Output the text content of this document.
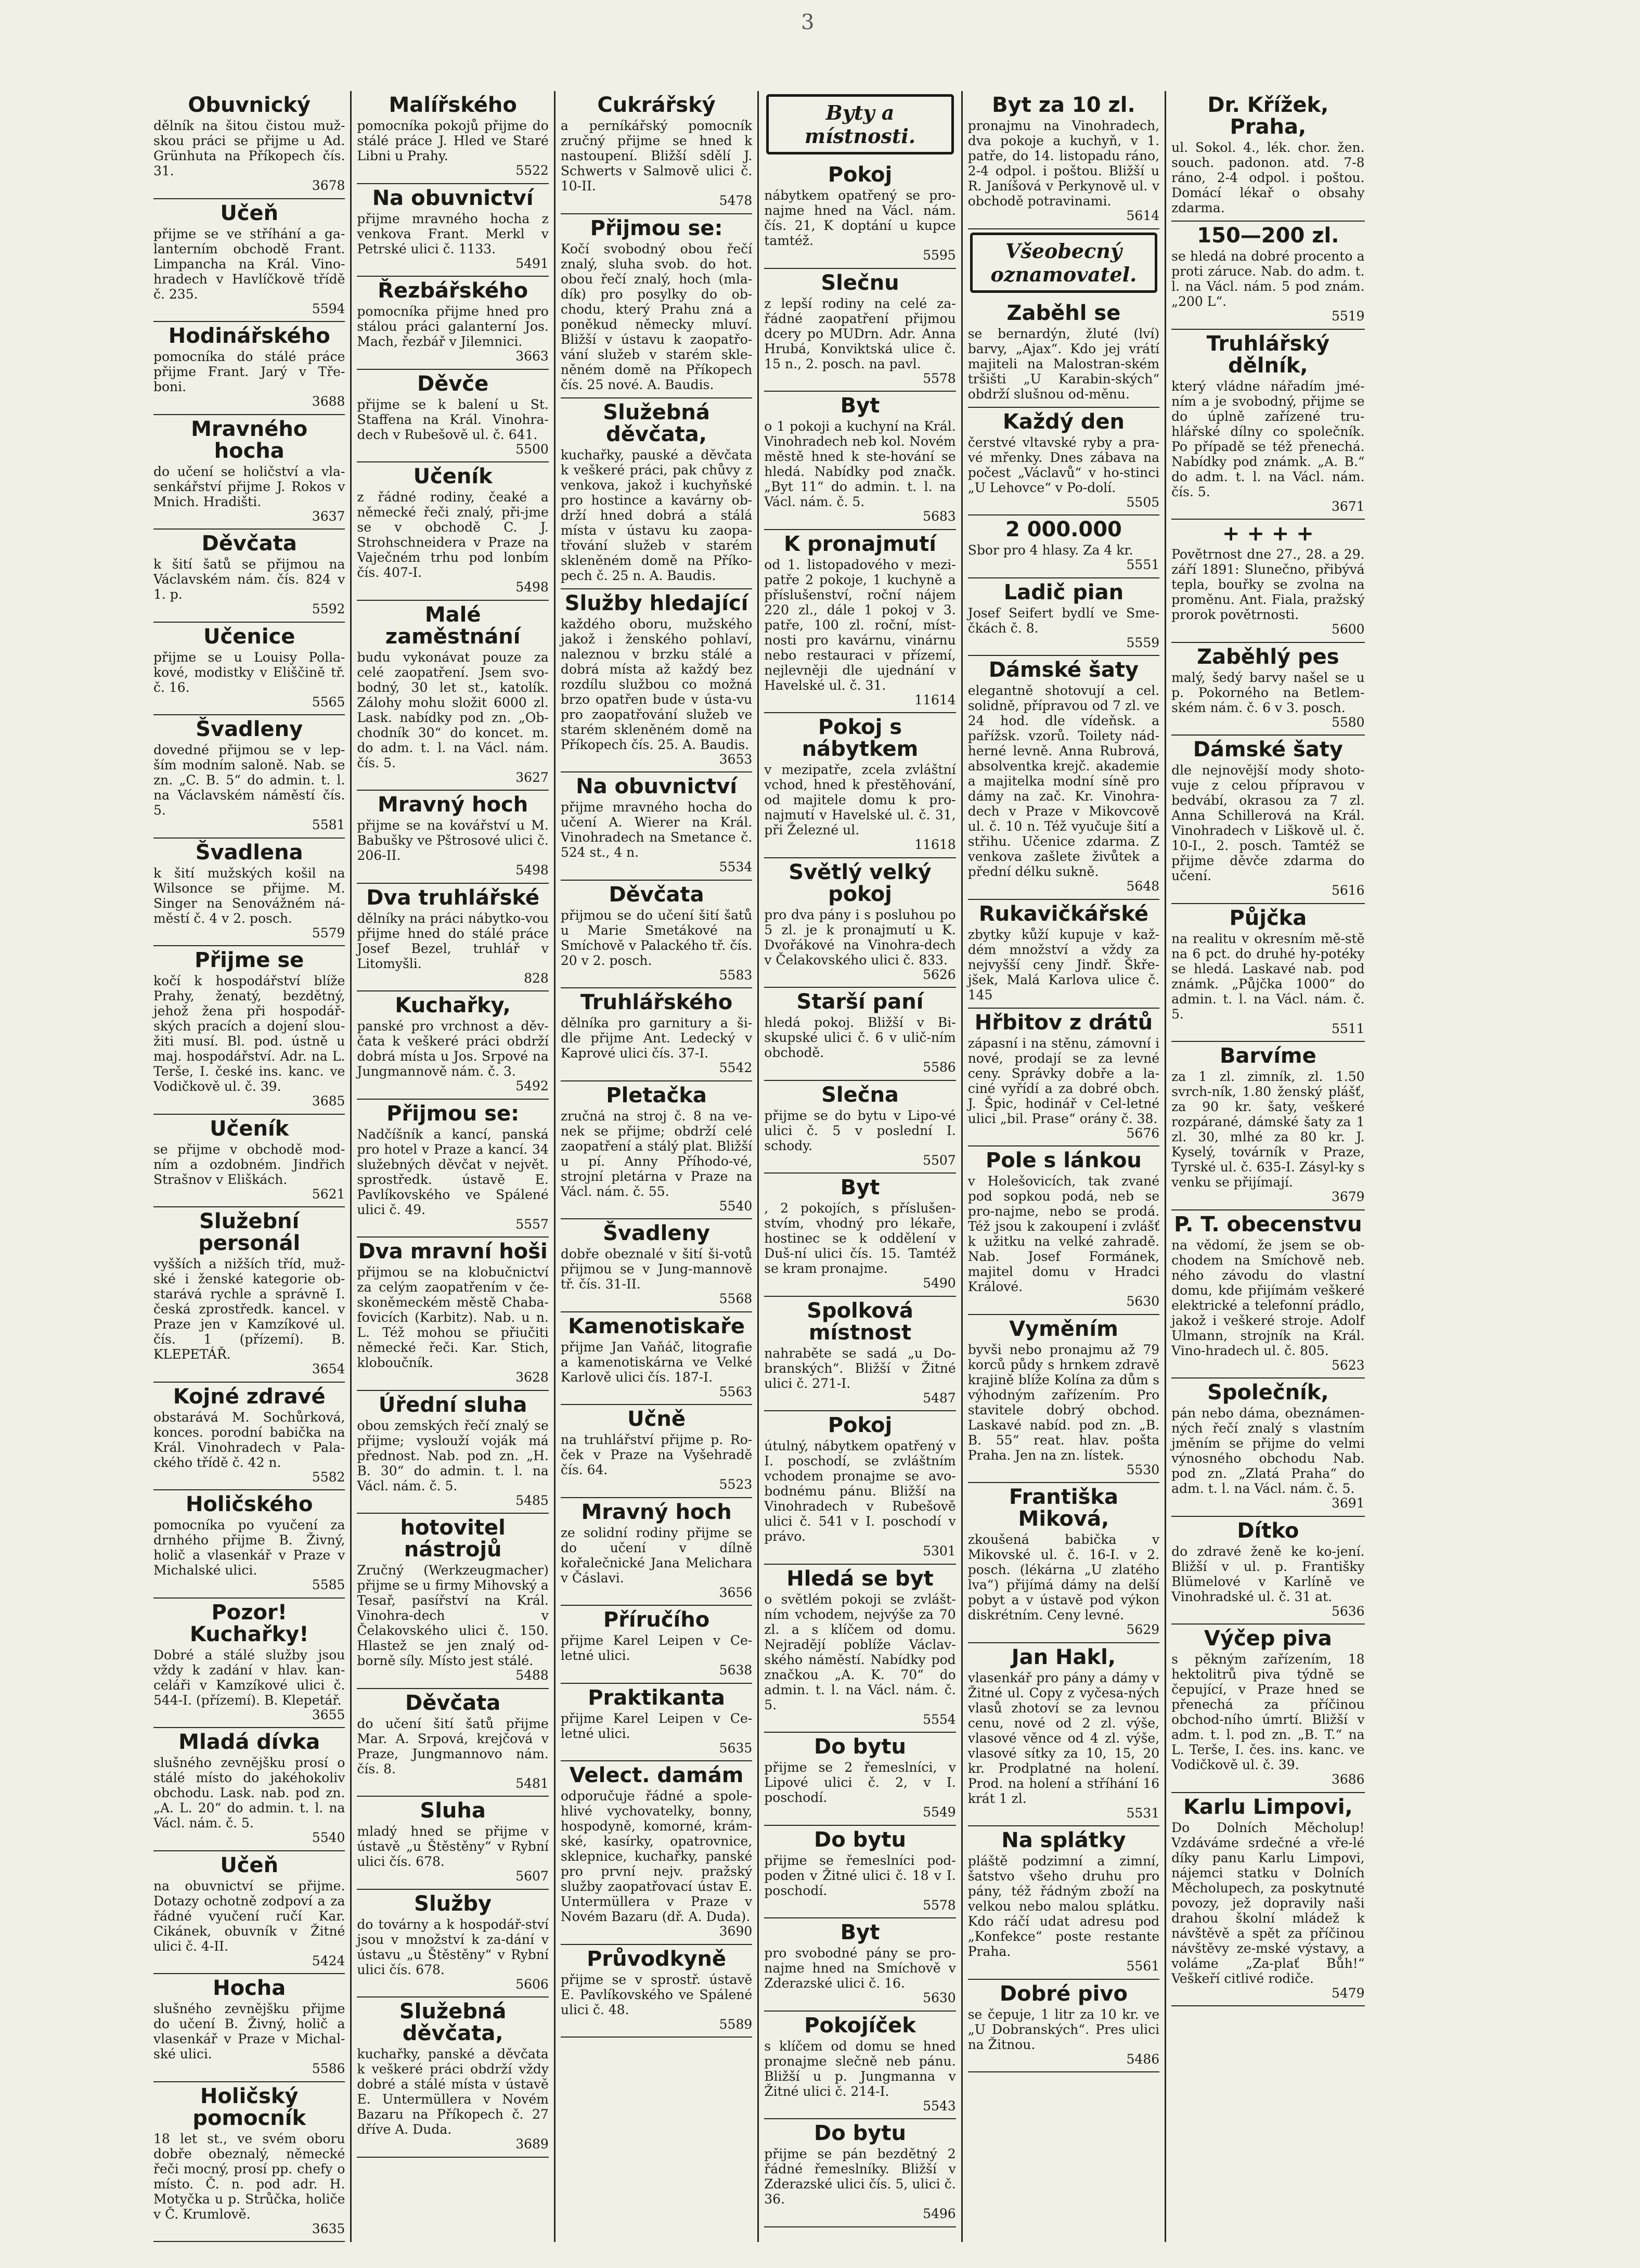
3

Obuvnický

dělník na šitou čistou muž-skou práci se přijme u Ad. Grünhuta na Příkopech čís. 31.

3678

Učeň

přijme se ve stříhání a ga-lanterním obchodě Frant. Limpancha na Král. Vino-hradech v Havlíčkově třídě č. 235.

5594

Hodinářského

pomocníka do stálé práce přijme Frant. Jarý v Tře-boni.

3688

Mravného hocha

do učení se holičství a vla-senkářství přijme J. Rokos v Mnich. Hradišti.

3637

Děvčata

k šití šatů se přijmou na Václavském nám. čís. 824 v 1. p.

5592

Učenice

přijme se u Louisy Polla-kové, modistky v Eliščině tř. č. 16.

5565

Švadleny

dovedné přijmou se v lep-ším modním saloně. Nab. se zn. „C. B. 5“ do admin. t. l. na Václavském náměstí čís. 5.

5581

Švadlena

k šití mužských košil na Wilsonce se přijme. M. Singer na Senovážném ná-městí č. 4 v 2. posch.

5579

Přijme se

kočí k hospodářství blíže Prahy, ženatý, bezdětný, jehož žena při hospodář-ských pracích a dojení slou-žiti musí. Bl. pod. ústně u maj. hospodářství. Adr. na L. Terše, I. české ins. kanc. ve Vodičkově ul. č. 39.

3685

Učeník

se přijme v obchodě mod-ním a ozdobném. Jindřich Strašnov v Eliškách.

5621

Služební personál

vyšších a nižších tříd, muž-ské i ženské kategorie ob-starává rychle a správně I. česká zprostředk. kancel. v Praze jen v Kamzíkové ul. čís. 1 (přízemí). B. KLEPETÁŘ.

3654

Kojné zdravé

obstarává M. Sochůrková, konces. porodní babička na Král. Vinohradech v Pala-ckého třídě č. 42 n.

5582

Holičského

pomocníka po vyučení za drnhého přijme B. Živný, holič a vlasenkář v Praze v Michalské ulici.

5585

Pozor! Kuchařky!

Dobré a stálé služby jsou vždy k zadání v hlav. kan-celáři v Kamzíkové ulici č. 544-I. (přízemí). B. Klepetář.

3655

Mladá dívka

slušného zevnějšku prosí o stálé místo do jakéhokoliv obchodu. Lask. nab. pod zn. „A. L. 20“ do admin. t. l. na Václ. nám. č. 5.

5540

Učeň

na obuvnictví se přijme. Dotazy ochotně zodpoví a za řádné vyučení ručí Kar. Cikánek, obuvník v Žitné ulici č. 4-II.

5424

Hocha

slušného zevnějšku přijme do učení B. Živný, holič a vlasenkář v Praze v Michal-ské ulici.

5586

Holičský pomocník

18 let st., ve svém oboru dobře obeznalý, německé řeči mocný, prosí pp. chefy o místo. Č. n. pod adr. H. Motyčka u p. Strůčka, holiče v Č. Krumlově.

3635

Malířského

pomocníka pokojů přijme do stálé práce J. Hled ve Staré Libni u Prahy.

5522

Na obuvnictví

přijme mravného hocha z venkova Frant. Merkl v Petrské ulici č. 1133.

5491

Řezbářského

pomocníka přijme hned pro stálou práci galanterní Jos. Mach, řezbář v Jilemnici.

3663

Děvče

přijme se k balení u St. Staffena na Král. Vinohra-dech v Rubešově ul. č. 641.

5500

Učeník

z řádné rodiny, čeaké a německé řeči znalý, při-jme se v obchodě C. J. Strohschneidera v Praze na Vaječném trhu pod lonbím čís. 407-I.

5498

Malé zaměstnání

budu vykonávat pouze za celé zaopatření. Jsem svo-bodný, 30 let st., katolík. Zálohy mohu složit 6000 zl. Lask. nabídky pod zn. „Ob-chodník 30“ do koncet. m. do adm. t. l. na Václ. nám. čís. 5.

3627

Mravný hoch

přijme se na kovářství u M. Babušky ve Pštrosové ulici č. 206-II.

5498

Dva truhlářské

dělníky na práci nábytko-vou přijme hned do stálé práce Josef Bezel, truhlář v Litomyšli.

828

Kuchařky,

panské pro vrchnost a děv-čata k veškeré práci obdrží dobrá místa u Jos. Srpové na Jungmannově nám. č. 3.

5492

Přijmou se:

Nadčíšník a kancí, panská pro hotel v Praze a kancí. 34 služebných děvčat v největ. sprostředk. ústavě E. Pavlíkovského ve Spálené ulici č. 49.

5557

Dva mravní hoši

přijmou se na klobučnictví za celým zaopatřením v če-skoněmeckém městě Chaba-fovicích (Karbitz). Nab. u n. L. Též mohou se přiučiti německé řeči. Kar. Stich, kloboučník.

3628

Úřední sluha

obou zemských řečí znalý se přijme; vyslouží voják má přednost. Nab. pod zn. „H. B. 30“ do admin. t. l. na Václ. nám. č. 5.

5485

hotovitel nástrojů

Zručný (Werkzeugmacher) přijme se u firmy Mihovský a Tesař, pasířství na Král. Vinohra-dech v Čelakovského ulici č. 150. Hlastež se jen znalý od-borně síly. Místo jest stálé.

5488

Děvčata

do učení šití šatů přijme Mar. A. Srpová, krejčová v Praze, Jungmannovo nám. čís. 8.

5481

Sluha

mladý hned se přijme v ústavě „u Štěstěny“ v Rybní ulici čís. 678.

5607

Služby

do továrny a k hospodář-ství jsou v množství k za-dání v ústavu „u Štěstěny“ v Rybní ulici čís. 678.

5606

Služebná děvčata,

kuchařky, panské a děvčata k veškeré práci obdrží vždy dobré a stálé místa v ústavě E. Untermüllera v Novém Bazaru na Příkopech č. 27 dříve A. Duda.

3689

Cukrářský

a perníkářský pomocník zručný přijme se hned k nastoupení. Bližší sdělí J. Schwerts v Salmově ulici č. 10-II.

5478

Přijmou se:

Kočí svobodný obou řečí znalý, sluha svob. do hot. obou řečí znalý, hoch (mla-dík) pro posylky do ob-chodu, který Prahu zná a poněkud německy mluví. Bližší v ústavu k zaopatřo-vání služeb v starém skle-něném domě na Příkopech čís. 25 nové. A. Baudis.

Služebná děvčata,

kuchařky, pauské a děvčata k veškeré práci, pak chůvy z venkova, jakož i kuchyňské pro hostince a kavárny ob-drží hned dobrá a stálá místa v ústavu ku zaopa-třování služeb v starém skleněném domě na Příko-pech č. 25 n. A. Baudis.

Služby hledající

každého oboru, mužského jakož i ženského pohlaví, naleznou v brzku stálé a dobrá místa až každý bez rozdílu službou co možná brzo opatřen bude v ústa-vu pro zaopatřování služeb ve starém skleněném domě na Příkopech čís. 25. A. Baudis.

3653

Na obuvnictví

přijme mravného hocha do učení A. Wierer na Král. Vinohradech na Smetance č. 524 st., 4 n.

5534

Děvčata

přijmou se do učení šití šatů u Marie Smetákové na Smíchově v Palackého tř. čís. 20 v 2. posch.

5583

Truhlářského

dělníka pro garnitury a ši-dle přijme Ant. Ledecký v Kaprové ulici čís. 37-I.

5542

Pletačka

zručná na stroj č. 8 na ve-nek se přijme; obdrží celé zaopatření a stálý plat. Bližší u pí. Anny Příhodo-vé, strojní pletárna v Praze na Václ. nám. č. 55.

5540

Švadleny

dobře obeznalé v šití ši-votů přijmou se v Jung-mannově tř. čís. 31-II.

5568

Kamenotiskaře

přijme Jan Vaňáč, litografie a kamenotiskárna ve Velké Karlově ulici čís. 187-I.

5563

Učně

na truhlářství přijme p. Ro-ček v Praze na Vyšehradě čís. 64.

5523

Mravný hoch

ze solidní rodiny přijme se do učení v dílně kořalečnické Jana Melichara v Čáslavi.

3656

Příručího

přijme Karel Leipen v Ce-letné ulici.

5638

Praktikanta

přijme Karel Leipen v Ce-letné ulici.

5635

Velect. damám

odporučuje řádné a spole-hlivé vychovatelky, bonny, hospodyně, komorné, krám-ské, kasírky, opatrovnice, sklepnice, kuchařky, panské pro první nejv. pražský služby zaopatřovací ústav E. Untermüllera v Praze v Novém Bazaru (dř. A. Duda).

3690

Průvodkyně

přijme se v sprostř. ústavě E. Pavlíkovského ve Spálené ulici č. 48.

5589

Byty a místnosti.

Pokoj

nábytkem opatřený se pro-najme hned na Václ. nám. čís. 21, K doptání u kupce tamtéž.

5595

Slečnu

z lepší rodiny na celé za-řádné zaopatření přijmou dcery po MUDrn. Adr. Anna Hrubá, Konviktská ulice č. 15 n., 2. posch. na pavl.

5578

Byt

o 1 pokoji a kuchyní na Král. Vinohradech neb kol. Novém městě hned k ste-hování se hledá. Nabídky pod značk. „Byt 11“ do admin. t. l. na Václ. nám. č. 5.

5683

K pronajmutí

od 1. listopadového v mezi-patře 2 pokoje, 1 kuchyně a příslušenství, roční nájem 220 zl., dále 1 pokoj v 3. patře, 100 zl. roční, míst-nosti pro kavárnu, vinárnu nebo restauraci v přízemí, nejlevněji dle ujednání v Havelské ul. č. 31.

11614

Pokoj s nábytkem

v mezipatře, zcela zvláštní vchod, hned k přestěhování, od majitele domu k pro-najmutí v Havelské ul. č. 31, při Železné ul.

11618

Světlý velký pokoj

pro dva pány i s posluhou po 5 zl. je k pronajmutí u K. Dvořákové na Vinohra-dech v Čelakovského ulici č. 833.

5626

Starší paní

hledá pokoj. Bližší v Bi-skupské ulici č. 6 v ulič-ním obchodě.

5586

Slečna

přijme se do bytu v Lipo-vé ulici č. 5 v poslední I. schody.

5507

Byt

, 2 pokojích, s příslušen-stvím, vhodný pro lékaře, hostinec se k oddělení v Duš-ní ulici čís. 15. Tamtéž se kram pronajme.

5490

Spolková místnost

nahraběte se sadá „u Do-branských“. Bližší v Žitné ulici č. 271-I.

5487

Pokoj

útulný, nábytkem opatřený v I. poschodí, se zvláštním vchodem pronajme se avo-bodnému pánu. Bližší na Vinohradech v Rubešově ulici č. 541 v I. poschodí v právo.

5301

Hledá se byt

o světlém pokoji se zvlášt-ním vchodem, nejvýše za 70 zl. a s klíčem od domu. Nejradějí poblíže Václav-ského náměstí. Nabídky pod značkou „A. K. 70“ do admin. t. l. na Václ. nám. č. 5.

5554

Do bytu

přijme se 2 řemeslníci, v Lipové ulici č. 2, v I. poschodí.

5549

Do bytu

přijme se řemeslníci pod-poden v Žitné ulici č. 18 v I. poschodí.

5578

Byt

pro svobodné pány se pro-najme hned na Smíchově v Zderazské ulici č. 16.

5630

Pokojíček

s klíčem od domu se hned pronajme slečně neb pánu. Bližší u p. Jungmanna v Žitné ulici č. 214-I.

5543

Do bytu

přijme se pán bezdětný 2 řádné řemeslníky. Bližší v Zderazské ulici čís. 5, ulici č. 36.

5496

Byt za 10 zl.

pronajmu na Vinohradech, dva pokoje a kuchyň, v 1. patře, do 14. listopadu ráno, 2-4 odpol. i poštou. Bližší u R. Janíšová v Perkynově ul. v obchodě potravinami.

5614

Všeobecný oznamovatel.

Zaběhl se

se bernardýn, žluté (lví) barvy, „Ajax“. Kdo jej vrátí majiteli na Malostran-ském tršišti „U Karabin-ských“ obdrží slušnou od-měnu.

Každý den

čerstvé vltavské ryby a pra-vé mřenky. Dnes zábava na počest „Václavů“ v ho-stinci „U Lehovce“ v Po-dolí.

5505

2 000.000

Sbor pro 4 hlasy. Za 4 kr.

5551

Ladič pian

Josef Seifert bydlí ve Sme-čkách č. 8.

5559

Dámské šaty

elegantně shotovují a cel. solidně, přípravou od 7 zl. ve 24 hod. dle vídeňsk. a pařížsk. vzorů. Toilety nád-herné levně. Anna Rubrová, absolventka krejč. akademie a majitelka modní síně pro dámy na zač. Kr. Vinohra-dech v Praze v Mikovcově ul. č. 10 n. Též vyučuje šití a střihu. Učenice zdarma. Z venkova zašlete živůtek a přední délku sukně.

5648

Rukavičkářské

zbytky kůží kupuje v kaž-dém množství a vždy za nejvyšší ceny Jindř. Škře-jšek, Malá Karlova ulice č. 145

Hřbitov z drátů

zápasní i na stěnu, zámovní i nové, prodají se za levné ceny. Správky dobře a la-ciné vyřídí a za dobré obch. J. Špic, hodinář v Cel-letné ulici „bil. Prase“ orány č. 38.

5676

Pole s lánkou

v Holešovicích, tak zvané pod sopkou podá, neb se pro-najme, nebo se prodá. Též jsou k zakoupení i zvlášť k užitku na velké zahradě. Nab. Josef Formánek, majitel domu v Hradci Králové.

5630

Vyměním

byvši nebo pronajmu až 79 korců půdy s hrnkem zdravě krajině blíže Kolína za dům s výhodným zařízením. Pro stavitele dobrý obchod. Laskavé nabíd. pod zn. „B. B. 55“ reat. hlav. pošta Praha. Jen na zn. lístek.

5530

Františka Miková,

zkoušená babička v Mikovské ul. č. 16-I. v 2. posch. (lékárna „U zlatého lva“) přijímá dámy na delší pobyt a v ústavě pod výkon diskrétním. Ceny levné.

5629

Jan Hakl,

vlasenkář pro pány a dámy v Žitné ul. Copy z vyčesa-ných vlasů zhotoví se za levnou cenu, nové od 2 zl. výše, vlasové věnce od 4 zl. výše, vlasové sítky za 10, 15, 20 kr. Prodplatné na holení. Prod. na holení a stříhání 16 krát 1 zl.

5531

Na splátky

pláště podzimní a zimní, šatstvo všeho druhu pro pány, též řádným zboží na velkou nebo malou splátku. Kdo ráčí udat adresu pod „Konfekce“ poste restante Praha.

5561

Dobré pivo

se čepuje, 1 litr za 10 kr. ve „U Dobranských“. Pres ulici na Žitnou.

5486

Dr. Křížek, Praha,

ul. Sokol. 4., lék. chor. žen. souch. padonon. atd. 7-8 ráno, 2-4 odpol. i poštou. Domácí lékař o obsahy zdarma.

150—200 zl.

se hledá na dobré procento a proti záruce. Nab. do adm. t. l. na Václ. nám. 5 pod znám. „200 L“.

5519

Truhlářský dělník,

který vládne nářadím jmé-ním a je svobodný, přijme se do úplně zařízené tru-hlářské dílny co společník. Po případě se též přenechá. Nabídky pod známk. „A. B.“ do adm. t. l. na Václ. nám. čís. 5.

3671

+ + + +

Povětrnost dne 27., 28. a 29. září 1891: Slunečno, přibývá tepla, bouřky se zvolna na proměnu. Ant. Fiala, pražský prorok povětrnosti.

5600

Zaběhlý pes

malý, šedý barvy našel se u p. Pokorného na Betlem-ském nám. č. 6 v 3. posch.

5580

Dámské šaty

dle nejnovější mody shoto-vuje z celou přípravou v bedvábí, okrasou za 7 zl. Anna Schillerová na Král. Vinohradech v Liškově ul. č. 10-I., 2. posch. Tamtéž se přijme děvče zdarma do učení.

5616

Půjčka

na realitu v okresním mě-stě na 6 pct. do druhé hy-potéky se hledá. Laskavé nab. pod známk. „Půjčka 1000“ do admin. t. l. na Václ. nám. č. 5.

5511

Barvíme

za 1 zl. zimník, zl. 1.50 svrch-ník, 1.80 ženský plášť, za 90 kr. šaty, veškeré rozpárané, dámské šaty za 1 zl. 30, mlhé za 80 kr. J. Kyselý, továrník v Praze, Tyrské ul. č. 635-I. Zásyl-ky s venku se přijímají.

3679

P. T. obecenstvu

na vědomí, že jsem se ob-chodem na Smíchově neb. ného závodu do vlastní domu, kde přijímám veškeré elektrické a telefonní prádlo, jakož i veškeré stroje. Adolf Ulmann, strojník na Král. Vino-hradech ul. č. 805.

5623

Společník,

pán nebo dáma, obeznámen-ných řečí znalý s vlastním jměním se přijme do velmi výnosného obchodu Nab. pod zn. „Zlatá Praha“ do adm. t. l. na Václ. nám. č. 5.

3691

Dítko

do zdravé ženě ke ko-jení. Bližší v ul. p. Františky Blümelové v Karlíně ve Vinohradské ul. č. 31 at.

5636

Výčep piva

s pěkným zařízením, 18 hektolitrů piva týdně se čepující, v Praze hned se přenechá za příčinou obchod-ního úmrtí. Bližší v adm. t. l. pod zn. „B. T.“ na L. Terše, I. čes. ins. kanc. ve Vodičkově ul. č. 39.

3686

Karlu Limpovi,

Do Dolních Měcholup! Vzdáváme srdečné a vře-lé díky panu Karlu Limpovi, nájemci statku v Dolních Měcholupech, za poskytnuté povozy, jež dopravily naši drahou školní mládež k návštěvě a spět za příčinou návštěvy ze-mské výstavy, a voláme „Za-plať Bůh!“ Veškeří citlivé rodiče.

5479
